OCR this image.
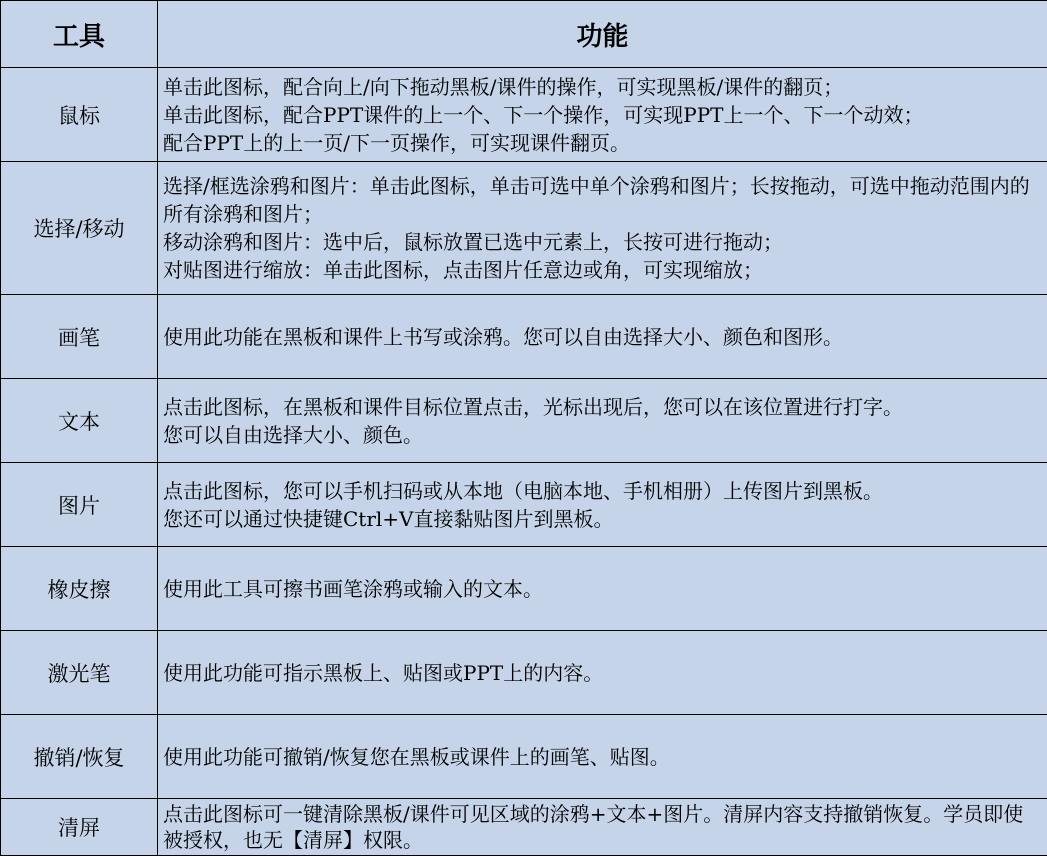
工具	功能
鼠标	单击此图标，配合向上/向下拖动黑板/课件的操作，可实现黑板/课件的翻页；
单击此图标，配合PPT课件的上一个、下一个操作，可实现PPT上一个、下一个动效；
配合PPT上的上一页/下一页操作，可实现课件翻页。

选择/移动	选择/框选涂鸦和图片：单击此图标，单击可选中单个涂鸦和图片；长按拖动，可选中拖动范围内的所有涂鸦和图片；
移动涂鸦和图片：选中后，鼠标放置已选中元素上，长按可进行拖动；
对贴图进行缩放：单击此图标，点击图片任意边或角，可实现缩放；

画笔	使用此功能在黑板和课件上书写或涂鸦。您可以自由选择大小、颜色和图形。

文本	点击此图标，在黑板和课件目标位置点击，光标出现后，您可以在该位置进行打字。
您可以自由选择大小、颜色。

图片	点击此图标，您可以手机扫码或从本地（电脑本地、手机相册）上传图片到黑板。
您还可以通过快捷键Ctrl+V直接黏贴图片到黑板。

橡皮擦	使用此工具可擦书画笔涂鸦或输入的文本。

激光笔	使用此功能可指示黑板上、贴图或PPT上的内容。

撤销/恢复	使用此功能可撤销/恢复您在黑板或课件上的画笔、贴图。

清屏	点击此图标可一键清除黑板/课件可见区域的涂鸦+文本+图片。清屏内容支持撤销恢复。学员即使被授权，也无【清屏】权限。
